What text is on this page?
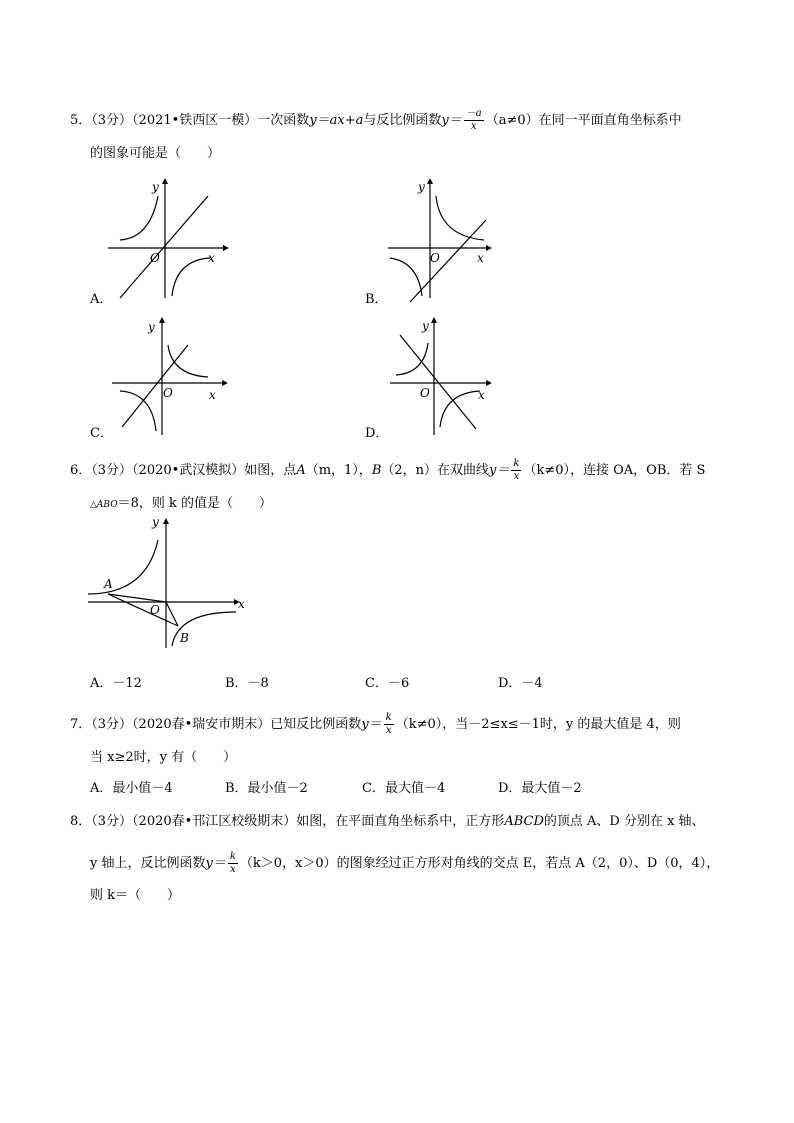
5．（3分）（2021•铁西区一模）一次函数y＝ax+a与反比例函数$y= \frac{-a}{x} (a\ne 0)$在同一平面直角坐标系中
的图象可能是（　　）
y
O	x
A．
y
O	x
B．
y
O	x
C．
y
O	x
D．
6．（3分）（2020•武汉模拟）如图，点A（m，1），B（2，n）在双曲线$y= \frac{k}{x} (k\ne 0)$，连接 OA，OB．若 S
△ABO＝8，则 k 的值是（　　）
y
A
O	x
B
A．－12	B．－8	C．－6	D．－4
7．（3分）（2020春•瑞安市期末）已知反比例函数$y= \frac{k}{x} (k\ne 0)$，当－2≤x≤－1时，y 的最大值是 4，则
当 x≥2时，y 有（　　）
A．最小值－4	B．最小值－2	C．最大值－4	D．最大值－2
8．（3分）（2020春•邗江区校级期末）如图，在平面直角坐标系中，正方形ABCD的顶点 A、D 分别在 x 轴、
y 轴上，反比例函数$y= \frac{k}{x} (k>0$，x＞0）的图象经过正方形对角线的交点 E，若点 A（2，0）、D（0，4），
则 k＝（　　）
